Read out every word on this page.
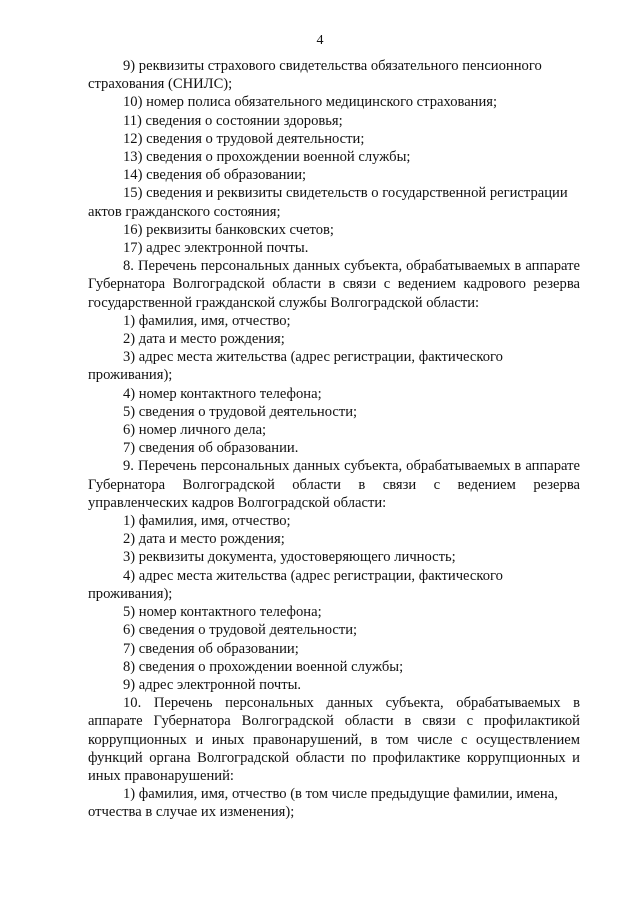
4

9) реквизиты страхового свидетельства обязательного пенсионного страхования (СНИЛС);

10) номер полиса обязательного медицинского страхования;

11) сведения о состоянии здоровья;

12) сведения о трудовой деятельности;

13) сведения о прохождении военной службы;

14) сведения об образовании;

15) сведения и реквизиты свидетельств о государственной регистрации актов гражданского состояния;

16) реквизиты банковских счетов;

17) адрес электронной почты.

8. Перечень персональных данных субъекта, обрабатываемых в аппарате Губернатора Волгоградской области в связи с ведением кадрового резерва государственной гражданской службы Волгоградской области:

1) фамилия, имя, отчество;

2) дата и место рождения;

3) адрес места жительства (адрес регистрации, фактического проживания);

4) номер контактного телефона;

5) сведения о трудовой деятельности;

6) номер личного дела;

7) сведения об образовании.

9. Перечень персональных данных субъекта, обрабатываемых в аппарате Губернатора Волгоградской области в связи с ведением резерва управленческих кадров Волгоградской области:

1) фамилия, имя, отчество;

2) дата и место рождения;

3) реквизиты документа, удостоверяющего личность;

4) адрес места жительства (адрес регистрации, фактического проживания);

5) номер контактного телефона;

6) сведения о трудовой деятельности;

7) сведения об образовании;

8) сведения о прохождении военной службы;

9) адрес электронной почты.

10. Перечень персональных данных субъекта, обрабатываемых в аппарате Губернатора Волгоградской области в связи с профилактикой коррупционных и иных правонарушений, в том числе с осуществлением функций органа Волгоградской области по профилактике коррупционных и иных правонарушений:

1) фамилия, имя, отчество (в том числе предыдущие фамилии, имена, отчества в случае их изменения);
